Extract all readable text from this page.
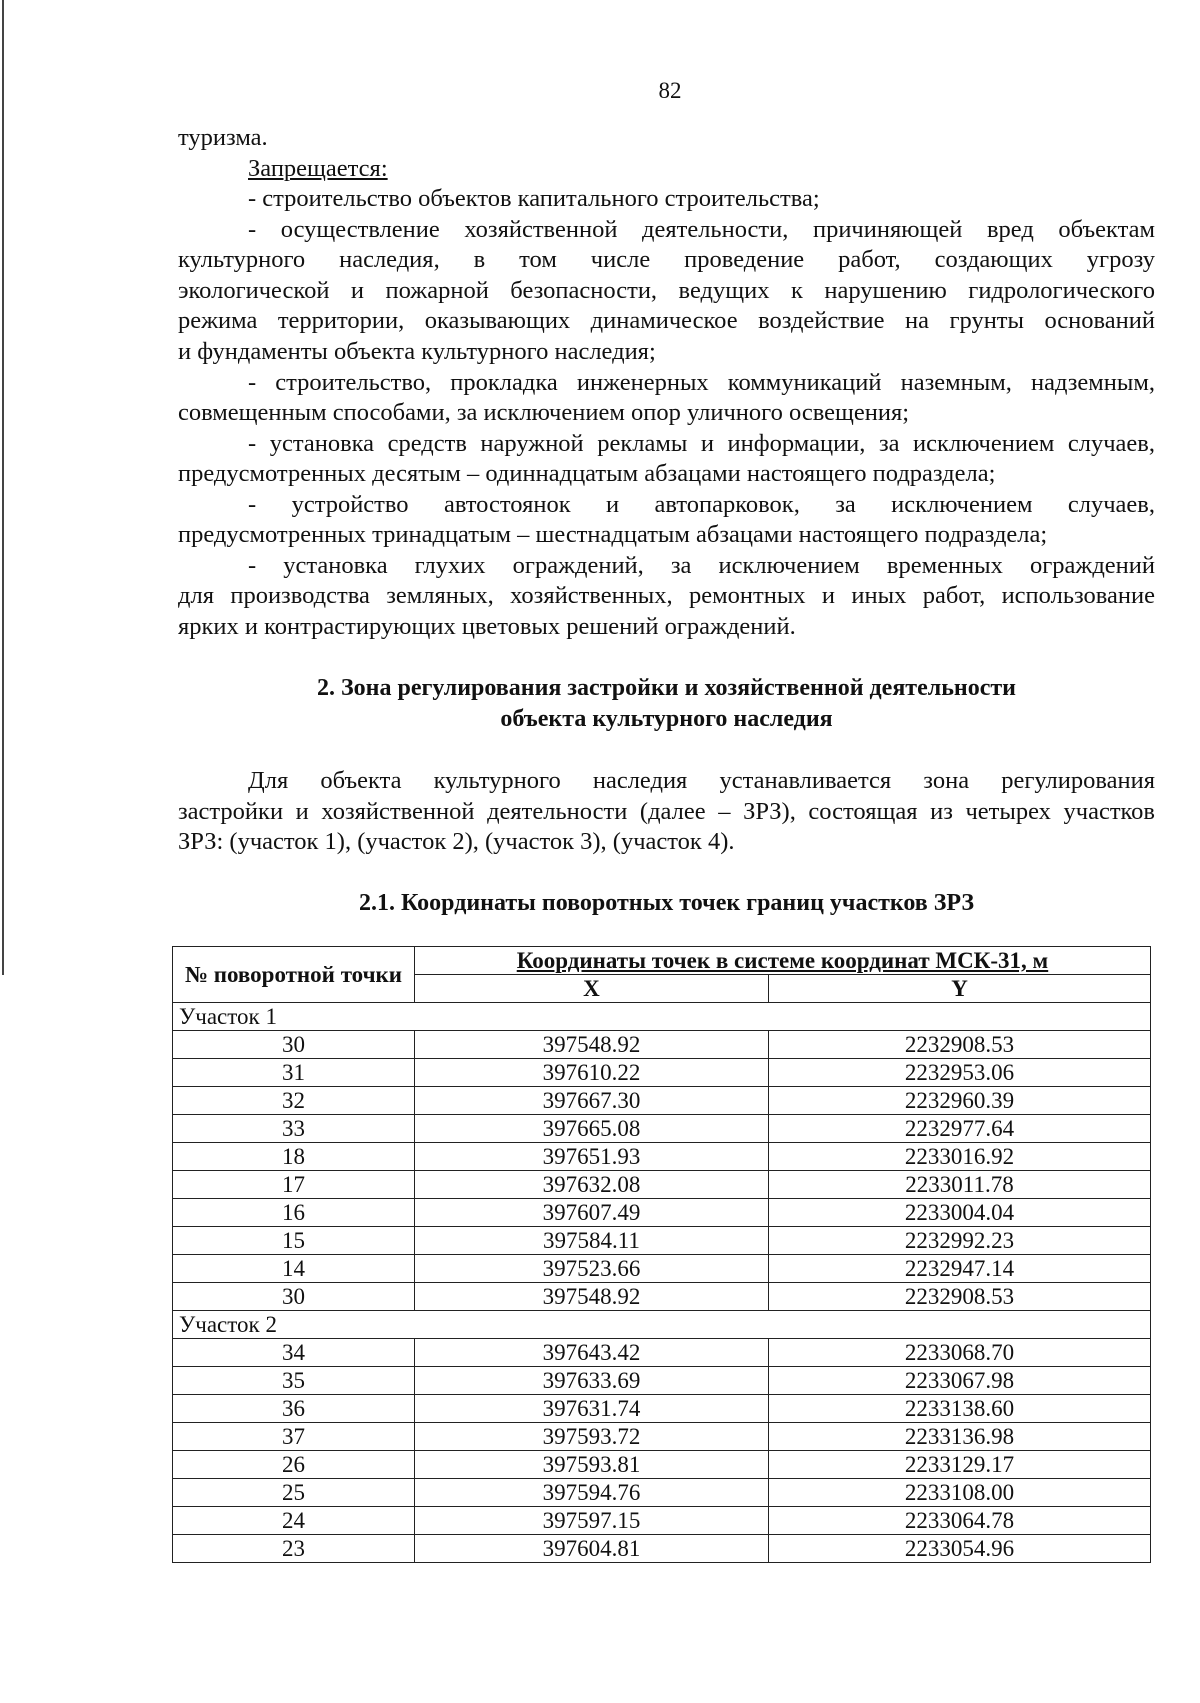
82
туризма.
Запрещается:
- строительство объектов капитального строительства;
- осуществление хозяйственной деятельности, причиняющей вред объектам
культурного наследия, в том числе проведение работ, создающих угрозу
экологической и пожарной безопасности, ведущих к нарушению гидрологического
режима территории, оказывающих динамическое воздействие на грунты оснований
и фундаменты объекта культурного наследия;
- строительство, прокладка инженерных коммуникаций наземным, надземным,
совмещенным способами, за исключением опор уличного освещения;
- установка средств наружной рекламы и информации, за исключением случаев,
предусмотренных десятым – одиннадцатым абзацами настоящего подраздела;
- устройство автостоянок и автопарковок, за исключением случаев,
предусмотренных тринадцатым – шестнадцатым абзацами настоящего подраздела;
- установка глухих ограждений, за исключением временных ограждений
для производства земляных, хозяйственных, ремонтных и иных работ, использование
ярких и контрастирующих цветовых решений ограждений.
2. Зона регулирования застройки и хозяйственной деятельности
объекта культурного наследия
Для объекта культурного наследия устанавливается зона регулирования
застройки и хозяйственной деятельности (далее – ЗРЗ), состоящая из четырех участков
ЗРЗ: (участок 1), (участок 2), (участок 3), (участок 4).
2.1. Координаты поворотных точек границ участков ЗРЗ
№ поворотной точки	Координаты точек в системе координат МСК-31, м	
	X	Y
Участок 1		
30	397548.92	2232908.53
31	397610.22	2232953.06
32	397667.30	2232960.39
33	397665.08	2232977.64
18	397651.93	2233016.92
17	397632.08	2233011.78
16	397607.49	2233004.04
15	397584.11	2232992.23
14	397523.66	2232947.14
30	397548.92	2232908.53
Участок 2		
34	397643.42	2233068.70
35	397633.69	2233067.98
36	397631.74	2233138.60
37	397593.72	2233136.98
26	397593.81	2233129.17
25	397594.76	2233108.00
24	397597.15	2233064.78
23	397604.81	2233054.96
